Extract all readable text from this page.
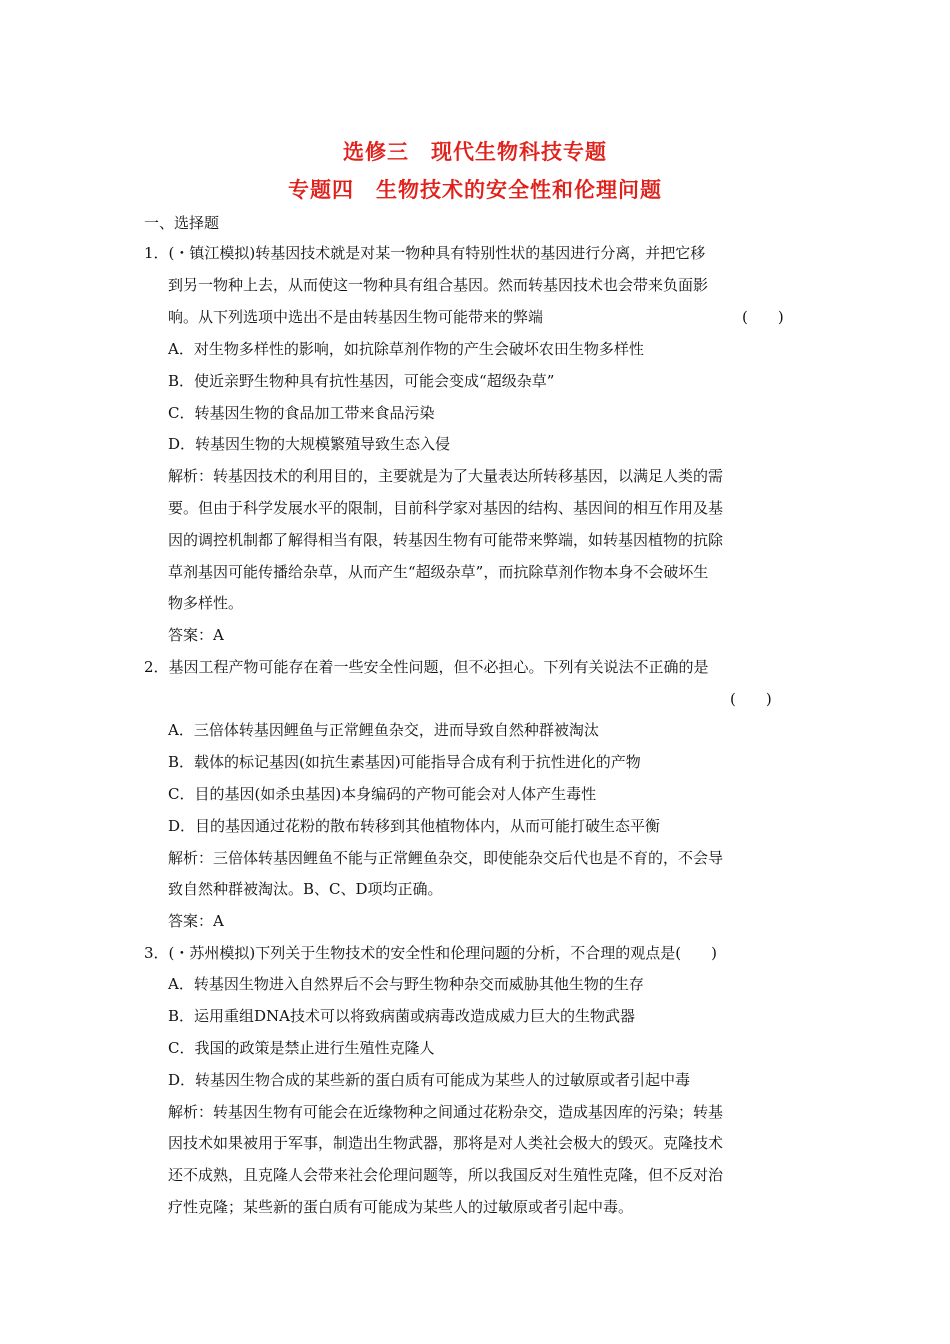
选修三　现代生物科技专题
专题四　生物技术的安全性和伦理问题
一、选择题
1．(・镇江模拟)转基因技术就是对某一物种具有特别性状的基因进行分离，并把它移
到另一物种上去，从而使这一物种具有组合基因。然而转基因技术也会带来负面影
响。从下列选项中选出不是由转基因生物可能带来的弊端	(　　)
A．对生物多样性的影响，如抗除草剂作物的产生会破坏农田生物多样性
B．使近亲野生物种具有抗性基因，可能会变成“超级杂草”
C．转基因生物的食品加工带来食品污染
D．转基因生物的大规模繁殖导致生态入侵
解析：转基因技术的利用目的，主要就是为了大量表达所转移基因，以满足人类的需
要。但由于科学发展水平的限制，目前科学家对基因的结构、基因间的相互作用及基
因的调控机制都了解得相当有限，转基因生物有可能带来弊端，如转基因植物的抗除
草剂基因可能传播给杂草，从而产生“超级杂草”，而抗除草剂作物本身不会破坏生
物多样性。
答案：A
2．基因工程产物可能存在着一些安全性问题，但不必担心。下列有关说法不正确的是
(　　)
A．三倍体转基因鲤鱼与正常鲤鱼杂交，进而导致自然种群被淘汰
B．载体的标记基因(如抗生素基因)可能指导合成有利于抗性进化的产物
C．目的基因(如杀虫基因)本身编码的产物可能会对人体产生毒性
D．目的基因通过花粉的散布转移到其他植物体内，从而可能打破生态平衡
解析：三倍体转基因鲤鱼不能与正常鲤鱼杂交，即使能杂交后代也是不育的，不会导
致自然种群被淘汰。B、C、D项均正确。
答案：A
3．(・苏州模拟)下列关于生物技术的安全性和伦理问题的分析，不合理的观点是(　　)
A．转基因生物进入自然界后不会与野生物种杂交而威胁其他生物的生存
B．运用重组DNA技术可以将致病菌或病毒改造成威力巨大的生物武器
C．我国的政策是禁止进行生殖性克隆人
D．转基因生物合成的某些新的蛋白质有可能成为某些人的过敏原或者引起中毒
解析：转基因生物有可能会在近缘物种之间通过花粉杂交，造成基因库的污染；转基
因技术如果被用于军事，制造出生物武器，那将是对人类社会极大的毁灭。克隆技术
还不成熟，且克隆人会带来社会伦理问题等，所以我国反对生殖性克隆，但不反对治
疗性克隆；某些新的蛋白质有可能成为某些人的过敏原或者引起中毒。
